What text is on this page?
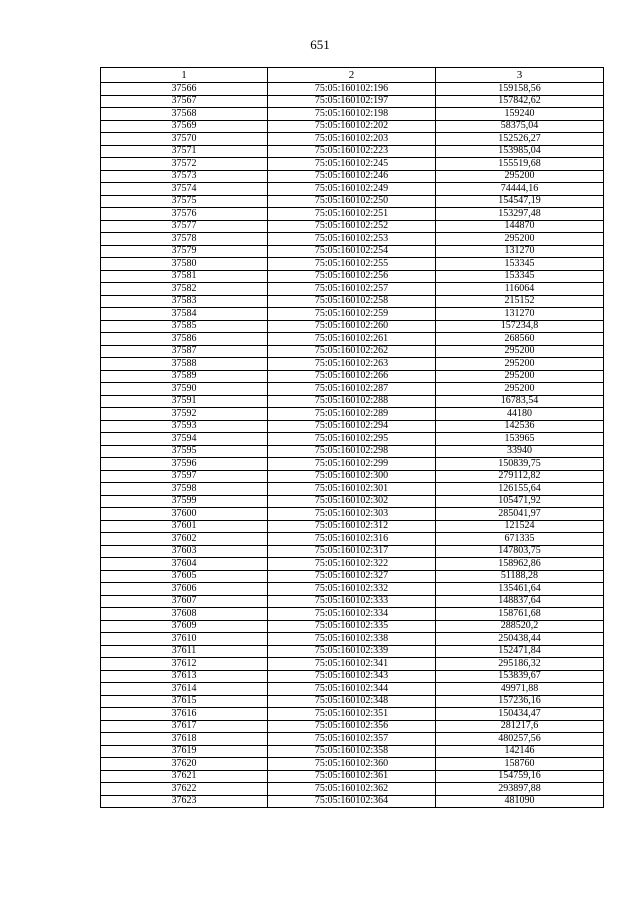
651
1	2	3
37566	75:05:160102:196	159158,56
37567	75:05:160102:197	157842,62
37568	75:05:160102:198	159240
37569	75:05:160102:202	58375,04
37570	75:05:160102:203	152526,27
37571	75:05:160102:223	153985,04
37572	75:05:160102:245	155519,68
37573	75:05:160102:246	295200
37574	75:05:160102:249	74444,16
37575	75:05:160102:250	154547,19
37576	75:05:160102:251	153297,48
37577	75:05:160102:252	144870
37578	75:05:160102:253	295200
37579	75:05:160102:254	131270
37580	75:05:160102:255	153345
37581	75:05:160102:256	153345
37582	75:05:160102:257	116064
37583	75:05:160102:258	215152
37584	75:05:160102:259	131270
37585	75:05:160102:260	157234,8
37586	75:05:160102:261	268560
37587	75:05:160102:262	295200
37588	75:05:160102:263	295200
37589	75:05:160102:266	295200
37590	75:05:160102:287	295200
37591	75:05:160102:288	16783,54
37592	75:05:160102:289	44180
37593	75:05:160102:294	142536
37594	75:05:160102:295	153965
37595	75:05:160102:298	33940
37596	75:05:160102:299	150839,75
37597	75:05:160102:300	279112,82
37598	75:05:160102:301	126155,64
37599	75:05:160102:302	105471,92
37600	75:05:160102:303	285041,97
37601	75:05:160102:312	121524
37602	75:05:160102:316	671335
37603	75:05:160102:317	147803,75
37604	75:05:160102:322	158962,86
37605	75:05:160102:327	51188,28
37606	75:05:160102:332	135461,64
37607	75:05:160102:333	148837,64
37608	75:05:160102:334	158761,68
37609	75:05:160102:335	288520,2
37610	75:05:160102:338	250438,44
37611	75:05:160102:339	152471,84
37612	75:05:160102:341	295186,32
37613	75:05:160102:343	153839,67
37614	75:05:160102:344	49971,88
37615	75:05:160102:348	157236,16
37616	75:05:160102:351	150434,47
37617	75:05:160102:356	281217,6
37618	75:05:160102:357	480257,56
37619	75:05:160102:358	142146
37620	75:05:160102:360	158760
37621	75:05:160102:361	154759,16
37622	75:05:160102:362	293897,88
37623	75:05:160102:364	481090
